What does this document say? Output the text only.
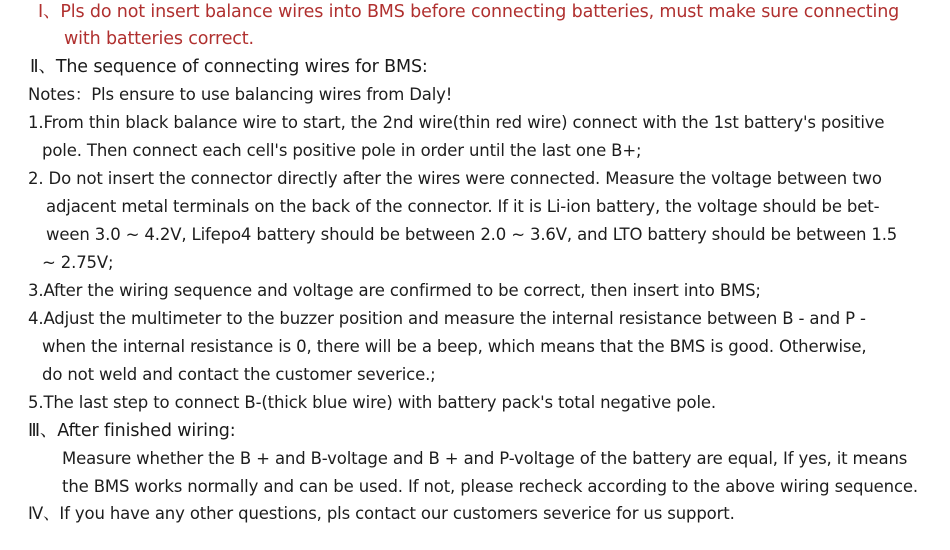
Ⅰ、Pls do not insert balance wires into BMS before connecting batteries, must make sure connecting
with batteries correct.
Ⅱ、The sequence of connecting wires for BMS:
Notes：Pls ensure to use balancing wires from Daly!
1.From thin black balance wire to start, the 2nd wire(thin red wire) connect with the 1st battery's positive
pole. Then connect each cell's positive pole in order until the last one B+;
2. Do not insert the connector directly after the wires were connected. Measure the voltage between two
adjacent metal terminals on the back of the connector. If it is Li-ion battery, the voltage should be bet-
ween 3.0 ~ 4.2V, Lifepo4 battery should be between 2.0 ~ 3.6V, and LTO battery should be between 1.5
~ 2.75V;
3.After the wiring sequence and voltage are confirmed to be correct, then insert into BMS;
4.Adjust the multimeter to the buzzer position and measure the internal resistance between B - and P -
when the internal resistance is 0, there will be a beep, which means that the BMS is good. Otherwise,
do not weld and contact the customer severice.;
5.The last step to connect B-(thick blue wire) with battery pack's total negative pole.
Ⅲ、After finished wiring:
Measure whether the B + and B-voltage and B + and P-voltage of the battery are equal, If yes, it means
the BMS works normally and can be used. If not, please recheck according to the above wiring sequence.
Ⅳ、If you have any other questions, pls contact our customers severice for us support.
